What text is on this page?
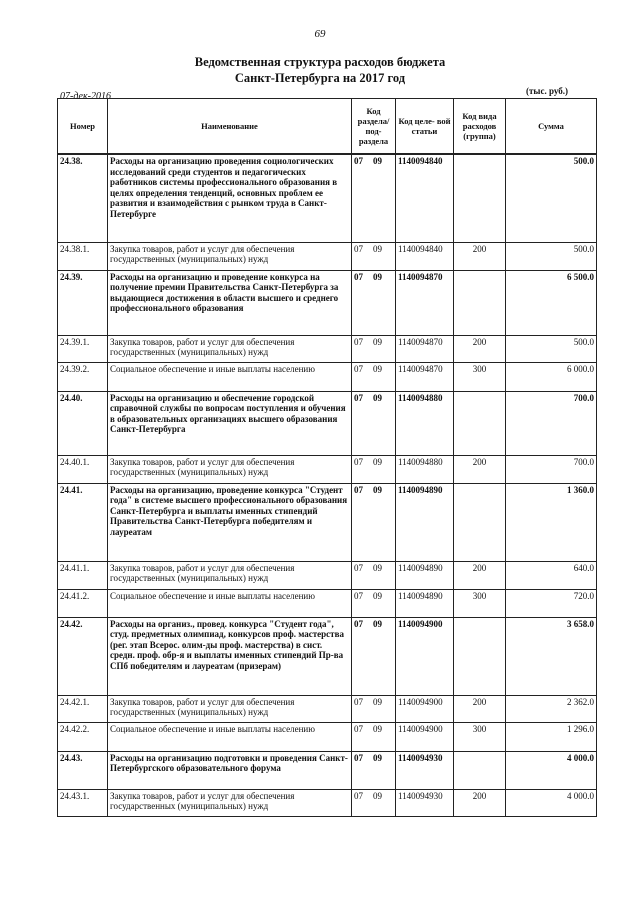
69
Ведомственная структура расходов бюджета
Санкт-Петербурга на 2017 год
07-дек-2016	(тыс. руб.)
Номер	Наименование	Код раздела/ под- раздела	Код целе- вой статьи	Код вида расходов (группа)	Сумма
24.38.	Расходы на организацию проведения социологических исследований среди студентов и педагогических работников системы профессионального образования в целях определения тенденций, основных проблем ее развития и взаимодействия с рынком труда в Санкт-Петербурге	07 09	1140094840		500.0
24.38.1.	Закупка товаров, работ и услуг для обеспечения государственных (муниципальных) нужд	07 09	1140094840	200	500.0
24.39.	Расходы на организацию и проведение конкурса на получение премии Правительства Санкт-Петербурга за выдающиеся достижения в области высшего и среднего профессионального образования	07 09	1140094870		6 500.0
24.39.1.	Закупка товаров, работ и услуг для обеспечения государственных (муниципальных) нужд	07 09	1140094870	200	500.0
24.39.2.	Социальное обеспечение и иные выплаты населению	07 09	1140094870	300	6 000.0
24.40.	Расходы на организацию и обеспечение городской справочной службы по вопросам поступления и обучения в образовательных организациях высшего образования Санкт-Петербурга	07 09	1140094880		700.0
24.40.1.	Закупка товаров, работ и услуг для обеспечения государственных (муниципальных) нужд	07 09	1140094880	200	700.0
24.41.	Расходы на организацию, проведение конкурса "Студент года" в системе высшего профессионального образования Санкт-Петербурга и выплаты именных стипендий Правительства Санкт-Петербурга победителям и лауреатам	07 09	1140094890		1 360.0
24.41.1.	Закупка товаров, работ и услуг для обеспечения государственных (муниципальных) нужд	07 09	1140094890	200	640.0
24.41.2.	Социальное обеспечение и иные выплаты населению	07 09	1140094890	300	720.0
24.42.	Расходы на организ., провед. конкурса "Студент года", студ. предметных олимпиад, конкурсов проф. мастерства (рег. этап Всерос. олим-ды проф. мастерства) в сист. средн. проф. обр-я и выплаты именных стипендий Пр-ва СПб победителям и лауреатам (призерам)	07 09	1140094900		3 658.0
24.42.1.	Закупка товаров, работ и услуг для обеспечения государственных (муниципальных) нужд	07 09	1140094900	200	2 362.0
24.42.2.	Социальное обеспечение и иные выплаты населению	07 09	1140094900	300	1 296.0
24.43.	Расходы на организацию подготовки и проведения Санкт-Петербургского образовательного форума	07 09	1140094930		4 000.0
24.43.1.	Закупка товаров, работ и услуг для обеспечения государственных (муниципальных) нужд	07 09	1140094930	200	4 000.0
